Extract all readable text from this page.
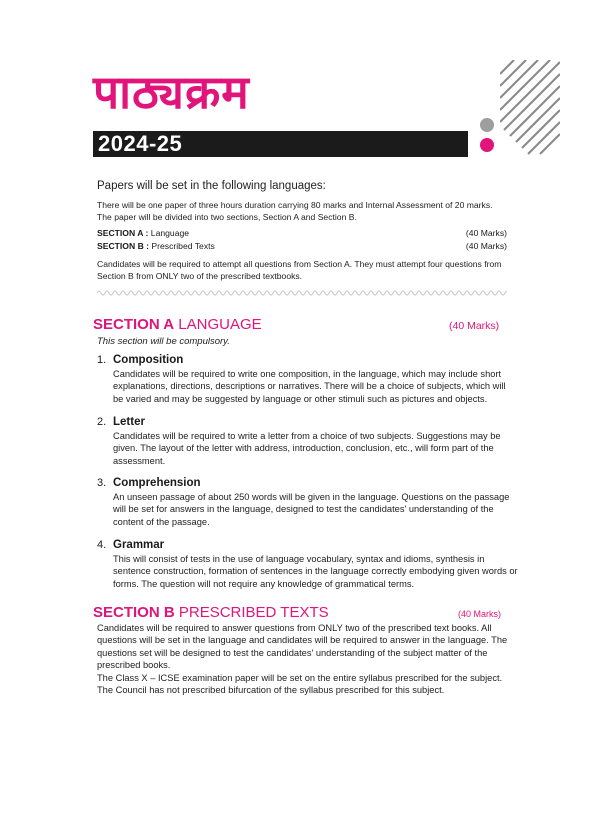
पाठ्यक्रम
2024-25
Papers will be set in the following languages:
There will be one paper of three hours duration carrying 80 marks and Internal Assessment of 20 marks. The paper will be divided into two sections, Section A and Section B.
SECTION A : Language	(40 Marks)
SECTION B : Prescribed Texts	(40 Marks)
Candidates will be required to attempt all questions from Section A. They must attempt four questions from Section B from ONLY two of the prescribed textbooks.
SECTION A LANGUAGE	(40 Marks)
This section will be compulsory.
1. Composition
Candidates will be required to write one composition, in the language, which may include short explanations, directions, descriptions or narratives. There will be a choice of subjects, which will be varied and may be suggested by language or other stimuli such as pictures and objects.
2. Letter
Candidates will be required to write a letter from a choice of two subjects. Suggestions may be given. The layout of the letter with address, introduction, conclusion, etc., will form part of the assessment.
3. Comprehension
An unseen passage of about 250 words will be given in the language. Questions on the passage will be set for answers in the language, designed to test the candidates' understanding of the content of the passage.
4. Grammar
This will consist of tests in the use of language vocabulary, syntax and idioms, synthesis in sentence construction, formation of sentences in the language correctly embodying given words or forms. The question will not require any knowledge of grammatical terms.
SECTION B PRESCRIBED TEXTS	(40 Marks)

Candidates will be required to answer questions from ONLY two of the prescribed text books. All questions will be set in the language and candidates will be required to answer in the language. The questions set will be designed to test the candidates' understanding of the subject matter of the prescribed books.

The Class X – ICSE examination paper will be set on the entire syllabus prescribed for the subject.

The Council has not prescribed bifurcation of the syllabus prescribed for this subject.
